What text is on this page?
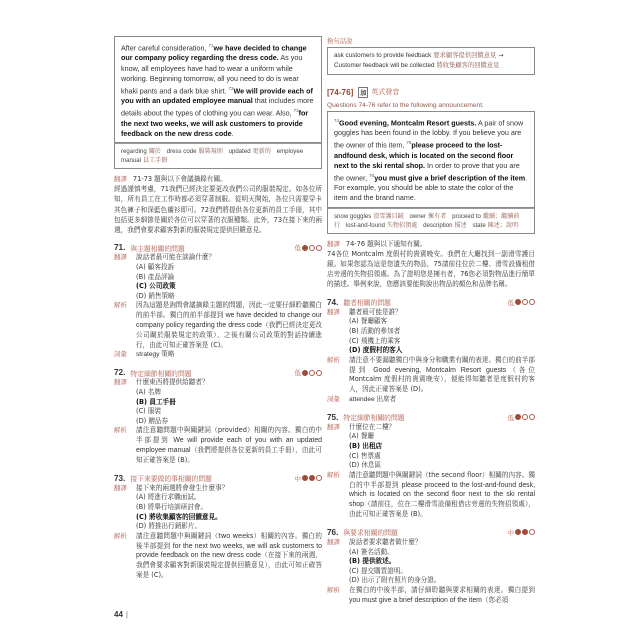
After careful consideration, $^{71}$we have decided to change our company policy regarding the dress code. As you know, all employees have had to wear a uniform while working. Beginning tomorrow, all you need to do is wear khaki pants and a dark blue shirt. $^{72}$We will provide each of you with an updated employee manual that includes more details about the types of clothing you can wear. Also, $^{73}$for the next two weeks, we will ask customers to provide feedback on the new dress code.
regarding 關於 dress code 服裝規則 updated 更新的 employee manual 員工手冊
翻譯 71-73 題與以下會議摘錄有關。
經過謹慎考慮，71我們已經決定要更改我們公司的服裝規定。如各位所知，所有員工在工作時都必須穿著制服。從明天開始，各位只需要穿卡其色褲子和深藍色襯衫即可。72我們將提供各位更新的員工手冊，其中包括更多細節是關於各位可以穿著的衣服種類。此外，73在接下來的兩週，我們會要求顧客對新的服裝規定提供回饋意見。
71. 與主題相關的問題	低
翻譯	說話者最可能在談論什麼？
(A) 顧客投訴
(B) 產品評論
(C) 公司政策
(D) 銷售策略
解析	因為這題是詢問會議摘錄主題的問題，因此一定要仔細聆聽獨白的前半部。獨白的前半部提到 we have decided to change our company policy regarding the dress code（我們已經決定更改公司關於服裝規定的政策），之後有關公司政策的對話持續進行，由此可知正確答案是 (C)。
詞彙	strategy 策略
72. 特定細節相關的問題	低
翻譯	什麼東西將提供給聽者？
(A) 名牌
(B) 員工手冊
(C) 服裝
(D) 贈品券
解析	請注意聽問題中與關鍵詞（provided）相關的內容。獨白的中半部提到 We will provide each of you with an updated employee manual（我們將提供各位更新的員工手冊），由此可知正確答案是 (B)。
73. 接下來要做的事相關的問題	中
翻譯	接下來的兩週將會發生什麼事？
(A) 將進行求職面試。
(B) 將舉行培訓研討會。
(C) 將收集顧客的回饋意見。
(D) 將推出行銷影片。
解析	請注意聽問題中與關鍵詞（two weeks）相關的內容。獨白的後半部提到 for the next two weeks, we will ask customers to provide feedback on the new dress code（在接下來的兩週，我們會要求顧客對新服裝規定提供回饋意見），由此可知正確答案是 (C)。
換句話說
ask customers to provide feedback 要求顧客提供回饋意見 →
Customer feedback will be collected 將收集顧客的回饋意見
[74-76]	加 英式發音
Questions 74-76 refer to the following announcement.
$^{74}$Good evening, Montcalm Resort guests. A pair of snow goggles has been found in the lobby. If you believe you are the owner of this item, $^{75}$please proceed to the lost-andfound desk, which is located on the second floor next to the ski rental shop. In order to prove that you are the owner, $^{76}$you must give a brief description of the item. For example, you should be able to state the color of the item and the brand name.
snow goggles 滑雪護目鏡 owner 擁有者 proceed to 繼續；繼續前行 lost-and-found 失物招領處 description 描述 state 陳述；說明
翻譯 74-76 題與以下通知有關。
74各位 Montcalm 度假村的貴賓晚安。我們在大廳找到一副滑雪護目鏡。如果您認為這是您遺失的物品，75請前往位於二樓、滑雪設備租借店旁邊的失物招領處。為了證明您是擁有者，76您必須對物品進行簡單的描述。舉例來說，您應該要能夠說出物品的顏色和品牌名稱。
74. 聽者相關的問題	低
翻譯	聽者最可能是誰？
(A) 餐廳顧客
(B) 活動的參加者
(C) 飛機上的乘客
(D) 度假村的客人
解析	請注意不要漏聽獨白中與身分和職業有關的表達。獨白的前半部提到 Good evening, Montcalm Resort guests（各位 Montcalm 度假村的貴賓晚安），便能得知聽者是度假村的客人，因此正確答案是 (D)。
詞彙	attendee 出席者
75. 特定細節相關的問題	低
翻譯	什麼位在二樓？
(A) 餐廳
(B) 出租店
(C) 售票處
(D) 休息區
解析	請注意聽問題中與關鍵詞（the second floor）相關的內容。獨白的中半部提到 please proceed to the lost-and-found desk, which is located on the second floor next to the ski rental shop（請前往，位在二樓滑雪設備租借店旁邊的失物招領處），由此可知正確答案是 (B)。
76. 與要求相關的問題	中
翻譯	說話者要求聽者做什麼？
(A) 簽名活動。
(B) 提供敘述。
(C) 提交購買證明。
(D) 出示了附有照片的身分證。
解析	在獨白的中後半部，請仔細聆聽與要求相關的表達。獨白提到 you must give a brief description of the item（您必須
44 |
